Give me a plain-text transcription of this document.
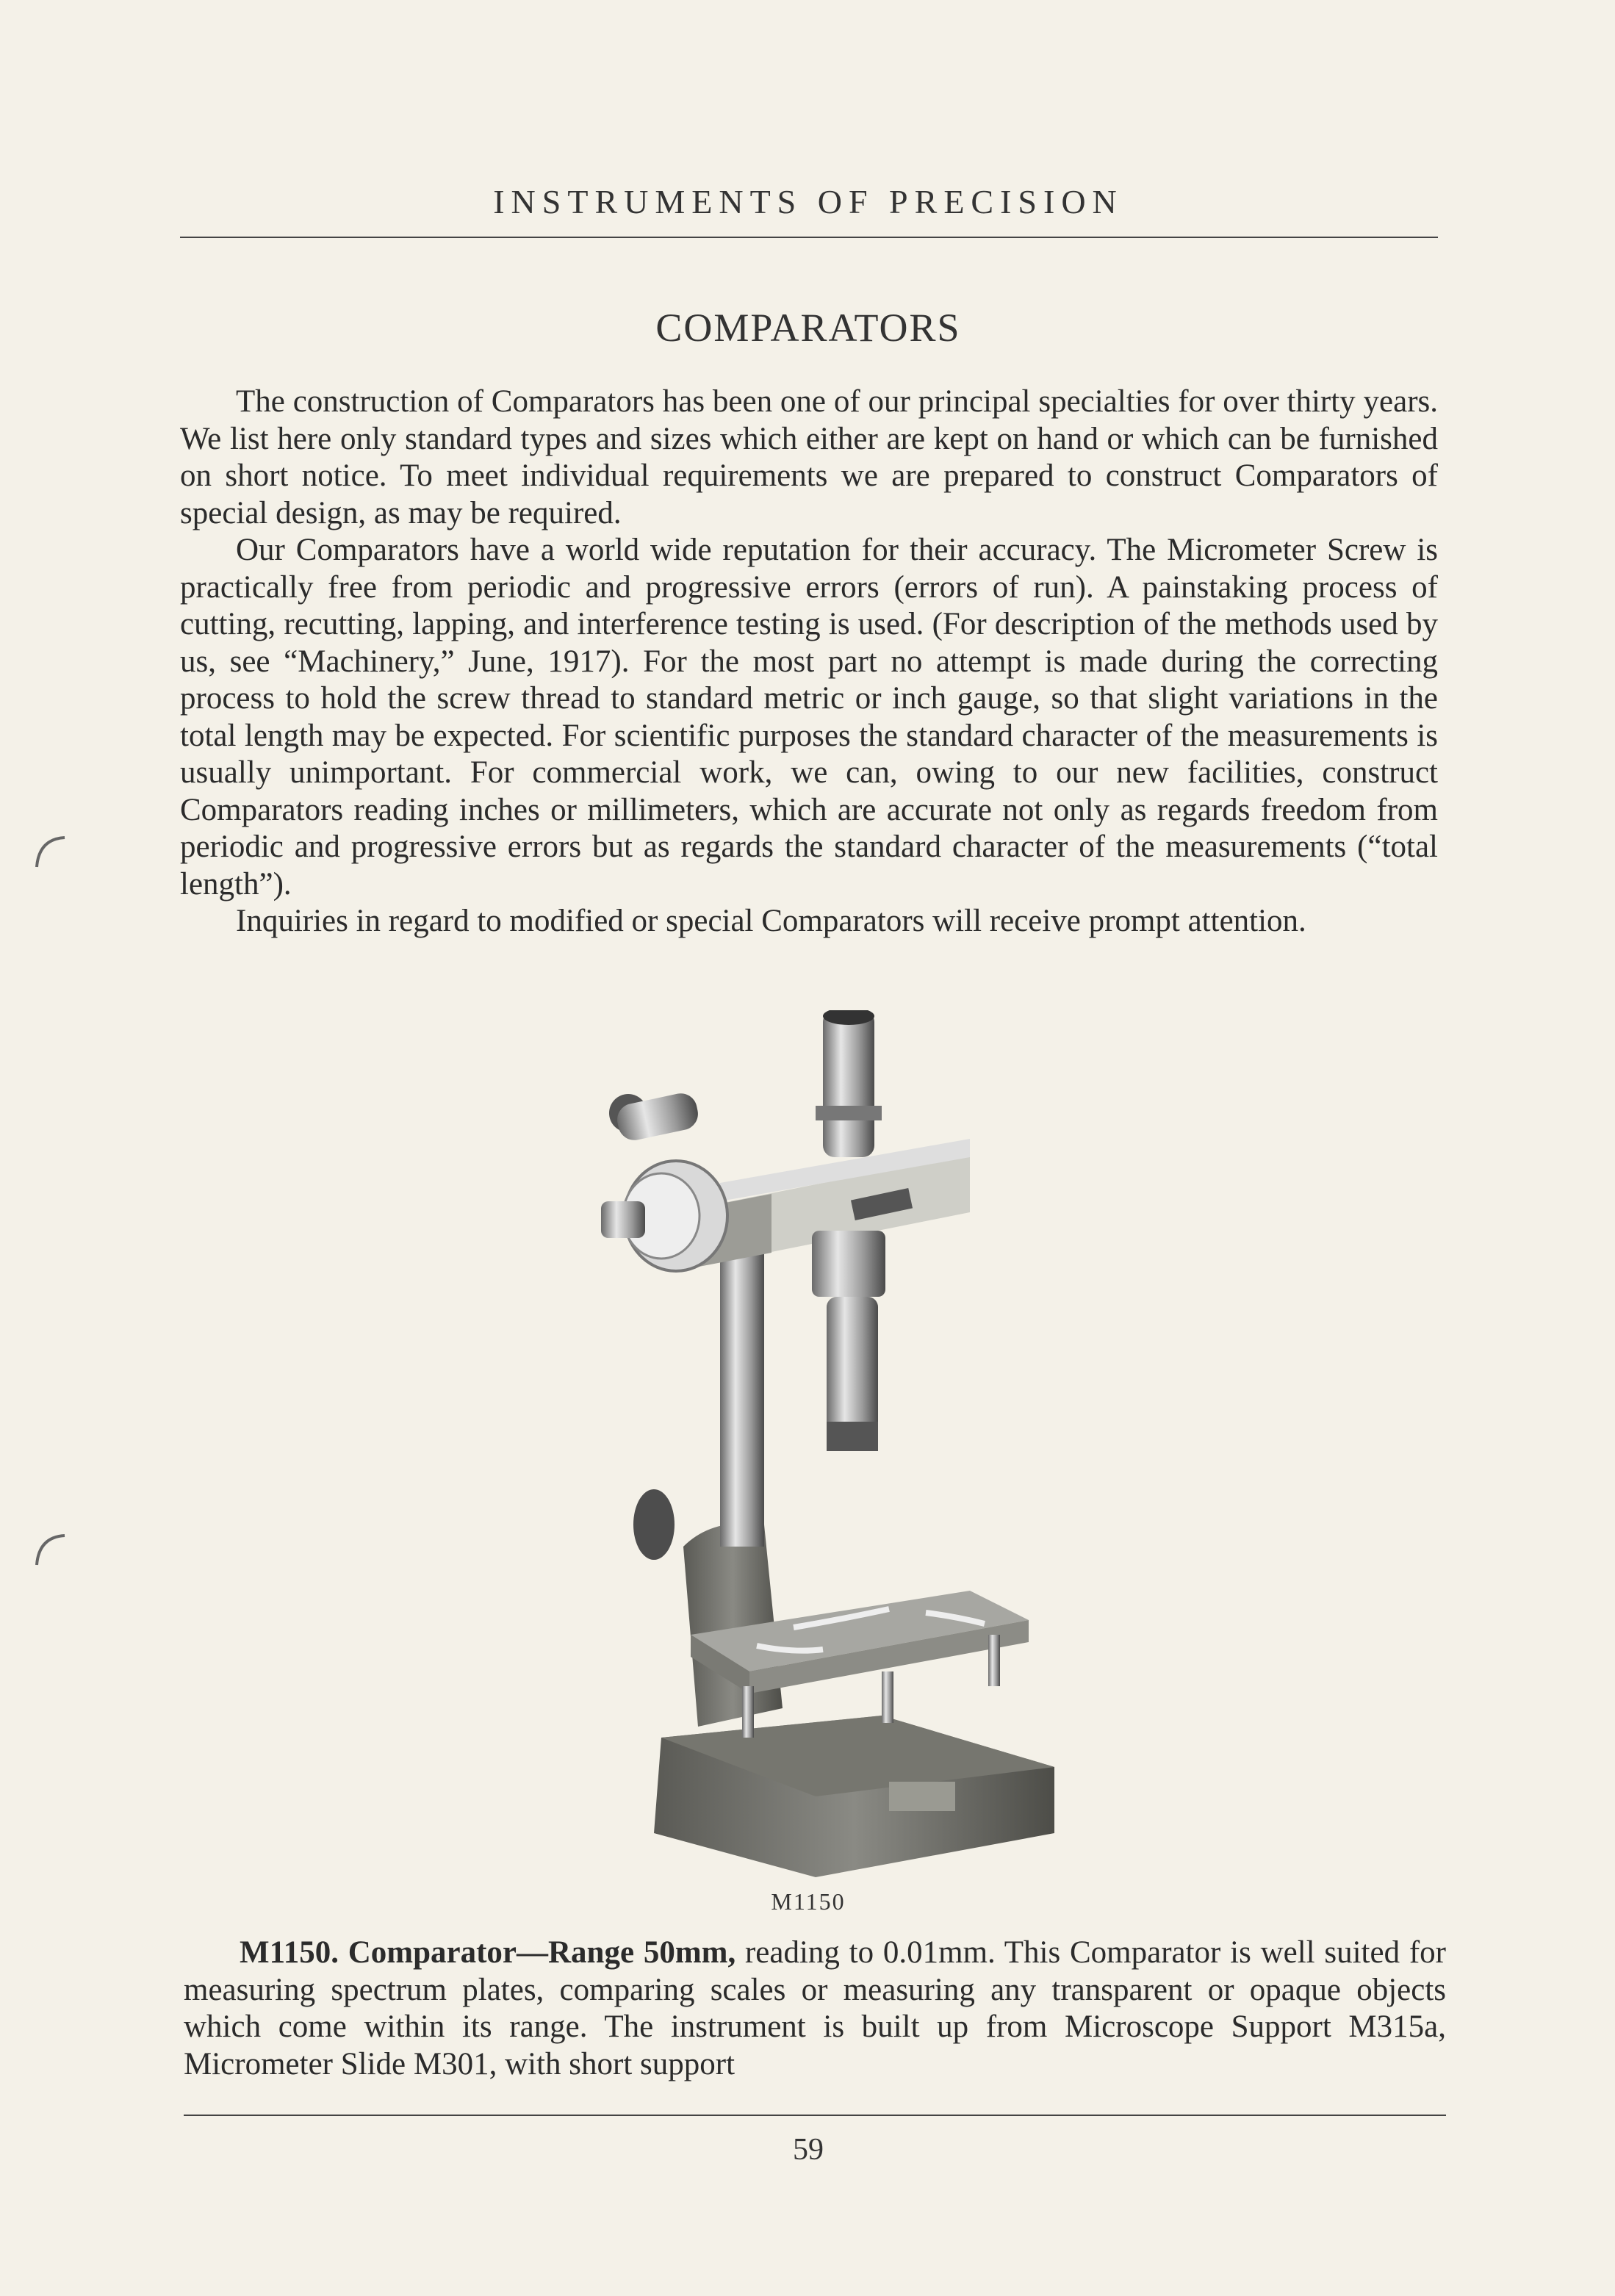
INSTRUMENTS OF PRECISION
COMPARATORS

The construction of Comparators has been one of our principal specialties for over thirty years. We list here only standard types and sizes which either are kept on hand or which can be furnished on short notice. To meet individual requirements we are prepared to construct Comparators of special design, as may be required.

Our Comparators have a world wide reputation for their accuracy. The Micrometer Screw is practically free from periodic and progressive errors (errors of run). A painstaking process of cutting, recutting, lapping, and interference testing is used. (For description of the methods used by us, see “Machinery,” June, 1917). For the most part no attempt is made during the correcting process to hold the screw thread to standard metric or inch gauge, so that slight variations in the total length may be expected. For scientific purposes the standard character of the measurements is usually unimportant. For commercial work, we can, owing to our new facilities, construct Comparators reading inches or millimeters, which are accurate not only as regards freedom from periodic and progressive errors but as regards the standard character of the measurements (“total length”).

Inquiries in regard to modified or special Comparators will receive prompt attention.

M1150

M1150. Comparator—Range 50mm, reading to 0.01mm. This Comparator is well suited for measuring spectrum plates, comparing scales or measuring any transparent or opaque objects which come within its range. The instrument is built up from Microscope Support M315a, Micrometer Slide M301, with short support

59
